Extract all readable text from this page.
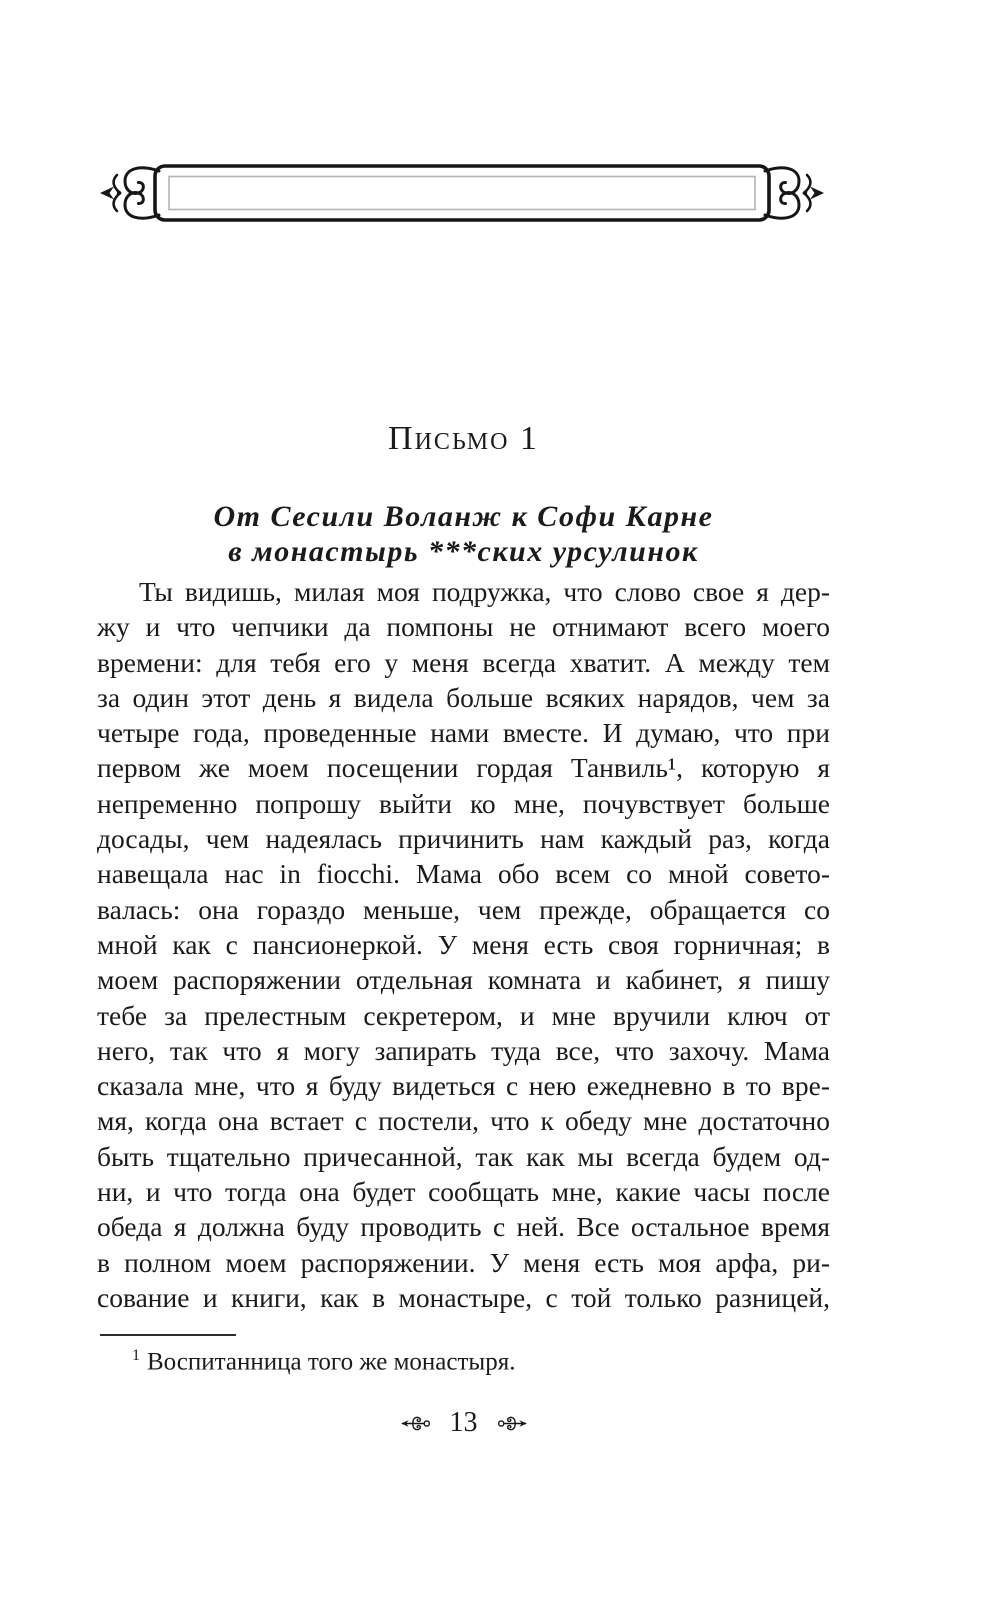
Письмо 1
От Сесили Воланж к Софи Карне
в монастырь ***ских урсулинок
Ты видишь, милая моя подружка, что слово свое я дер-
жу и что чепчики да помпоны не отнимают всего моего
времени: для тебя его у меня всегда хватит. А между тем
за один этот день я видела больше всяких нарядов, чем за
четыре года, проведенные нами вместе. И думаю, что при
первом же моем посещении гордая Танвиль¹, которую я
непременно попрошу выйти ко мне, почувствует больше
досады, чем надеялась причинить нам каждый раз, когда
навещала нас in fiocchi. Мама обо всем со мной совето-
валась: она гораздо меньше, чем прежде, обращается со
мной как с пансионеркой. У меня есть своя горничная; в
моем распоряжении отдельная комната и кабинет, я пишу
тебе за прелестным секретером, и мне вручили ключ от
него, так что я могу запирать туда все, что захочу. Мама
сказала мне, что я буду видеться с нею ежедневно в то вре-
мя, когда она встает с постели, что к обеду мне достаточно
быть тщательно причесанной, так как мы всегда будем од-
ни, и что тогда она будет сообщать мне, какие часы после
обеда я должна буду проводить с ней. Все остальное время
в полном моем распоряжении. У меня есть моя арфа, ри-
сование и книги, как в монастыре, с той только разницей,
$^1$ Воспитанница того же монастыря.
13
